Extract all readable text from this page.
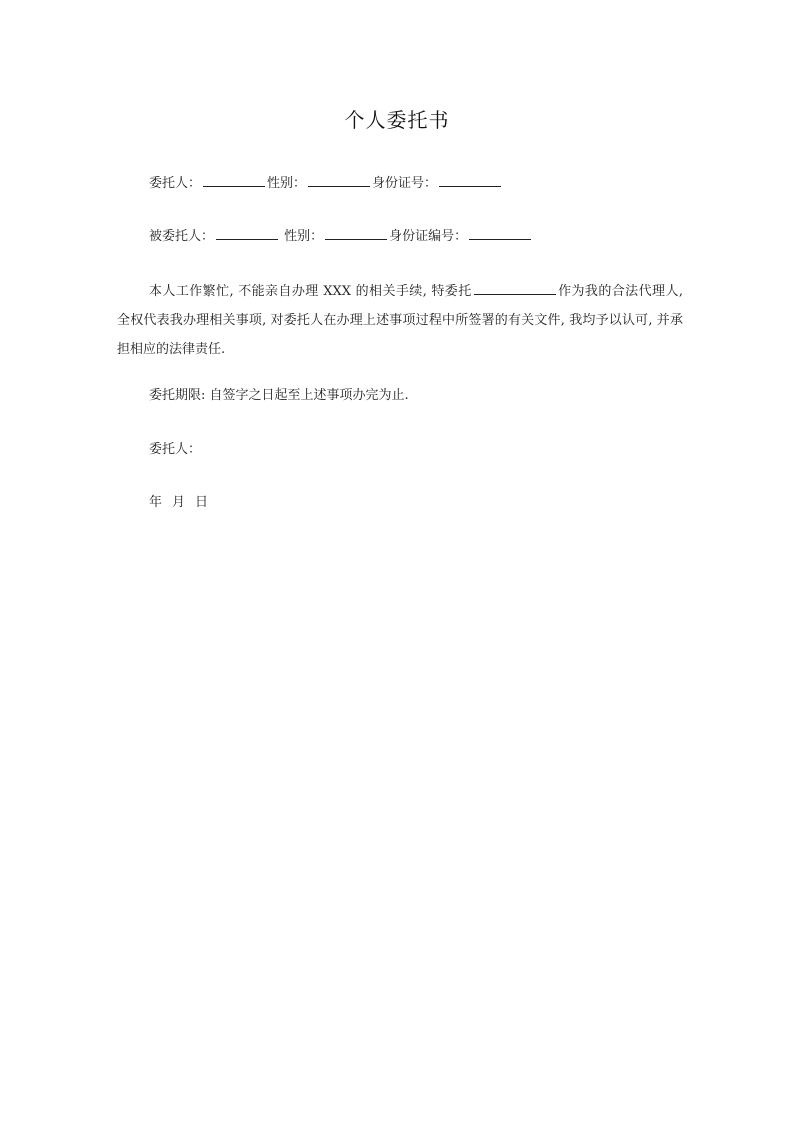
个人委托书
委托人：	性别：	身份证号：
被委托人：	性别：	身份证编号：
本人工作繁忙, 不能亲自办理 XXX 的相关手续, 特委托	作为我的合法代理人, 全权代表我办理相关事项, 对委托人在办理上述事项过程中所签署的有关文件, 我均予以认可, 并承担相应的法律责任.
委托期限: 自签字之日起至上述事项办完为止.
委托人：
年 月 日
